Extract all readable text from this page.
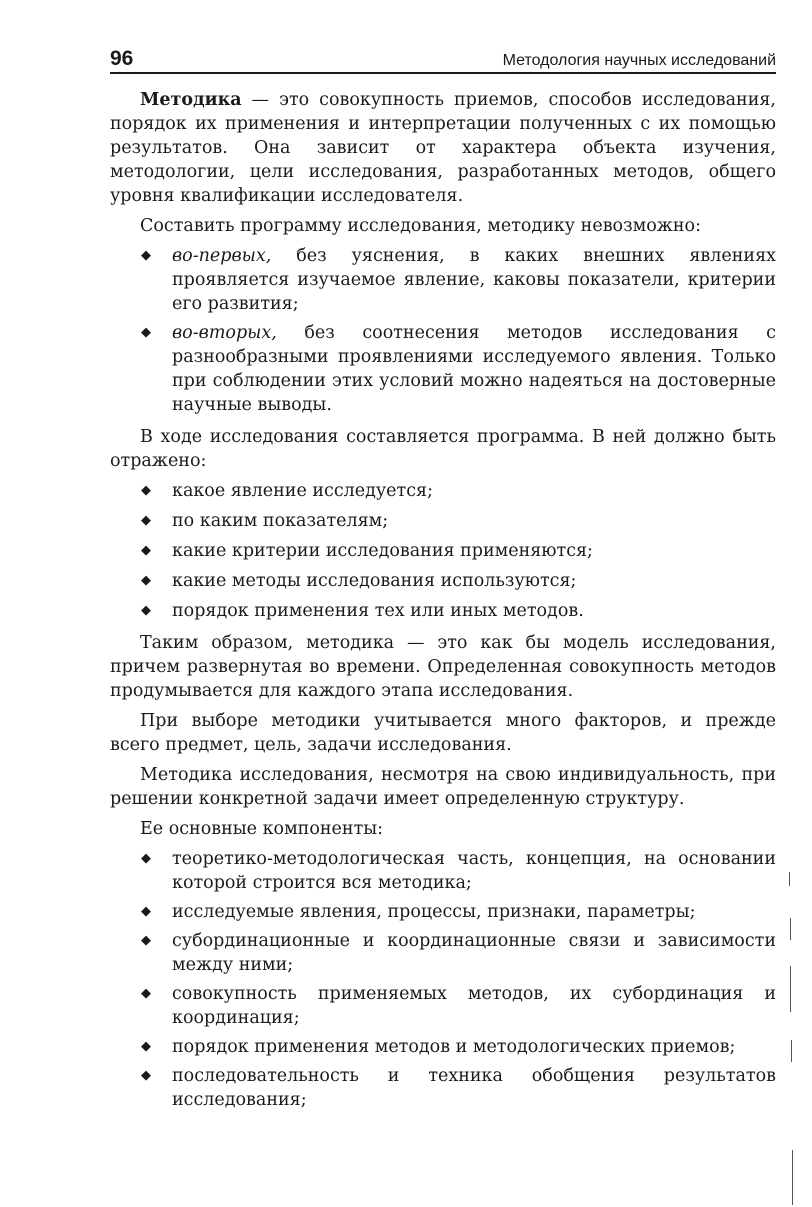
96	Методология научных исследований

Методика — это совокупность приемов, способов исследования, порядок их применения и интерпретации полученных с их помощью результатов. Она зависит от характера объекта изучения, методологии, цели исследования, разработанных методов, общего уровня квалификации исследователя.

Составить программу исследования, методику невозможно:

◆ во-первых, без уяснения, в каких внешних явлениях проявляется изучаемое явление, каковы показатели, критерии его развития;
◆ во-вторых, без соотнесения методов исследования с разнообразными проявлениями исследуемого явления. Только при соблюдении этих условий можно надеяться на достоверные научные выводы.

В ходе исследования составляется программа. В ней должно быть отражено:

◆ какое явление исследуется;
◆ по каким показателям;
◆ какие критерии исследования применяются;
◆ какие методы исследования используются;
◆ порядок применения тех или иных методов.

Таким образом, методика — это как бы модель исследования, причем развернутая во времени. Определенная совокупность методов продумывается для каждого этапа исследования.

При выборе методики учитывается много факторов, и прежде всего предмет, цель, задачи исследования.

Методика исследования, несмотря на свою индивидуальность, при решении конкретной задачи имеет определенную структуру.

Ее основные компоненты:

◆ теоретико-методологическая часть, концепция, на основании которой строится вся методика;
◆ исследуемые явления, процессы, признаки, параметры;
◆ субординационные и координационные связи и зависимости между ними;
◆ совокупность применяемых методов, их субординация и координация;
◆ порядок применения методов и методологических приемов;
◆ последовательность и техника обобщения результатов исследования;
